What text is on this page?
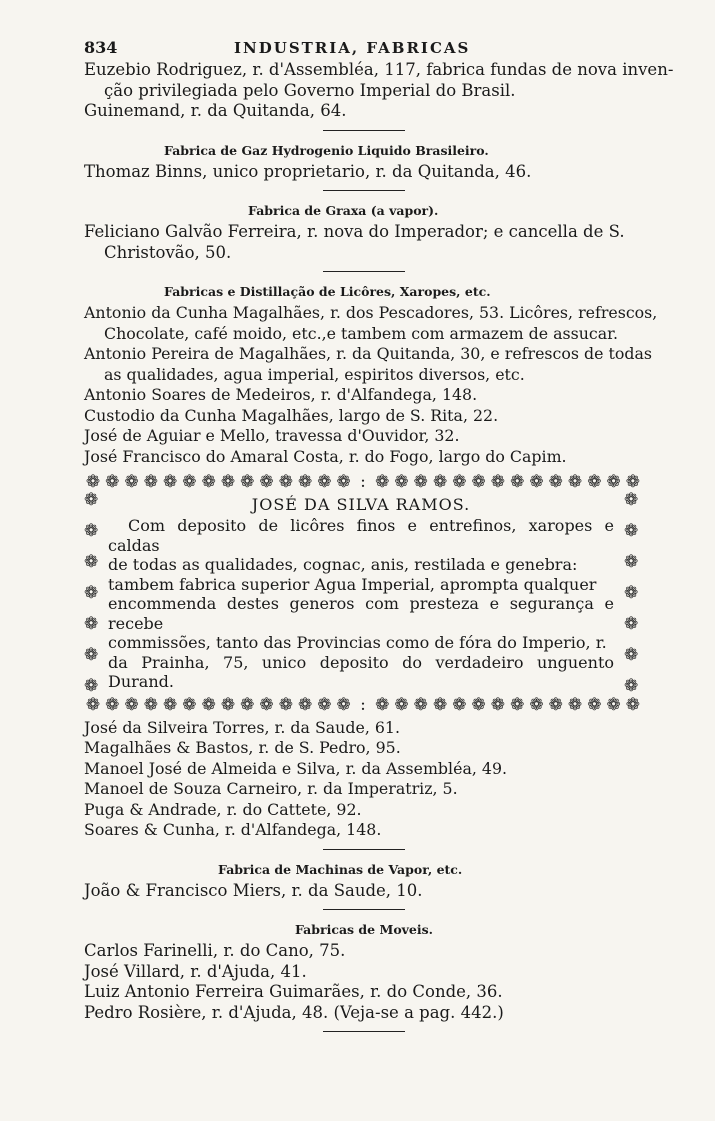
834	INDUSTRIA, FABRICAS
Euzebio Rodriguez, r. d'Assembléa, 117, fabrica fundas de nova inven-
ção privilegiada pelo Governo Imperial do Brasil.
Guinemand, r. da Quitanda, 64.
Fabrica de Gaz Hydrogenio Liquido Brasileiro.
Thomaz Binns, unico proprietario, r. da Quitanda, 46.
Fabrica de Graxa (a vapor).
Feliciano Galvão Ferreira, r. nova do Imperador; e cancella de S.
Christovão, 50.
Fabricas e Distillação de Licôres, Xaropes, etc.
Antonio da Cunha Magalhães, r. dos Pescadores, 53. Licôres, refrescos,
Chocolate, café moido, etc.,e tambem com armazem de assucar.
Antonio Pereira de Magalhães, r. da Quitanda, 30, e refrescos de todas
as qualidades, agua imperial, espiritos diversos, etc.
Antonio Soares de Medeiros, r. d'Alfandega, 148.
Custodio da Cunha Magalhães, largo de S. Rita, 22.
José de Aguiar e Mello, travessa d'Ouvidor, 32.
José Francisco do Amaral Costa, r. do Fogo, largo do Capim.
❁ ❁ ❁ ❁ ❁ ❁ ❁ ❁ ❁ ❁ ❁ ❁ ❁ ❁ : ❁ ❁ ❁ ❁ ❁ ❁ ❁ ❁ ❁ ❁ ❁ ❁ ❁ ❁
❁
❁
❁
❁
❁
❁
❁
JOSÉ DA SILVA RAMOS.
Com deposito de licôres finos e entrefinos, xaropes e caldas
de todas as qualidades, cognac, anis, restilada e genebra:
tambem fabrica superior Agua Imperial, apromptа qualquer
encommenda destes generos com presteza e segurança e recebe
commissões, tanto das Provincias como de fóra do Imperio, r.
da Prainha, 75, unico deposito do verdadeiro unguento Durand.
❁
❁
❁
❁
❁
❁
❁
❁ ❁ ❁ ❁ ❁ ❁ ❁ ❁ ❁ ❁ ❁ ❁ ❁ ❁ : ❁ ❁ ❁ ❁ ❁ ❁ ❁ ❁ ❁ ❁ ❁ ❁ ❁ ❁
José da Silveira Torres, r. da Saude, 61.
Magalhães & Bastos, r. de S. Pedro, 95.
Manoel José de Almeida e Silva, r. da Assembléa, 49.
Manoel de Souza Carneiro, r. da Imperatriz, 5.
Puga & Andrade, r. do Cattete, 92.
Soares & Cunha, r. d'Alfandega, 148.
Fabrica de Machinas de Vapor, etc.
João & Francisco Miers, r. da Saude, 10.
Fabricas de Moveis.
Carlos Farinelli, r. do Cano, 75.
José Villard, r. d'Ajuda, 41.
Luiz Antonio Ferreira Guimarães, r. do Conde, 36.
Pedro Rosière, r. d'Ajuda, 48. (Veja-se a pag. 442.)
